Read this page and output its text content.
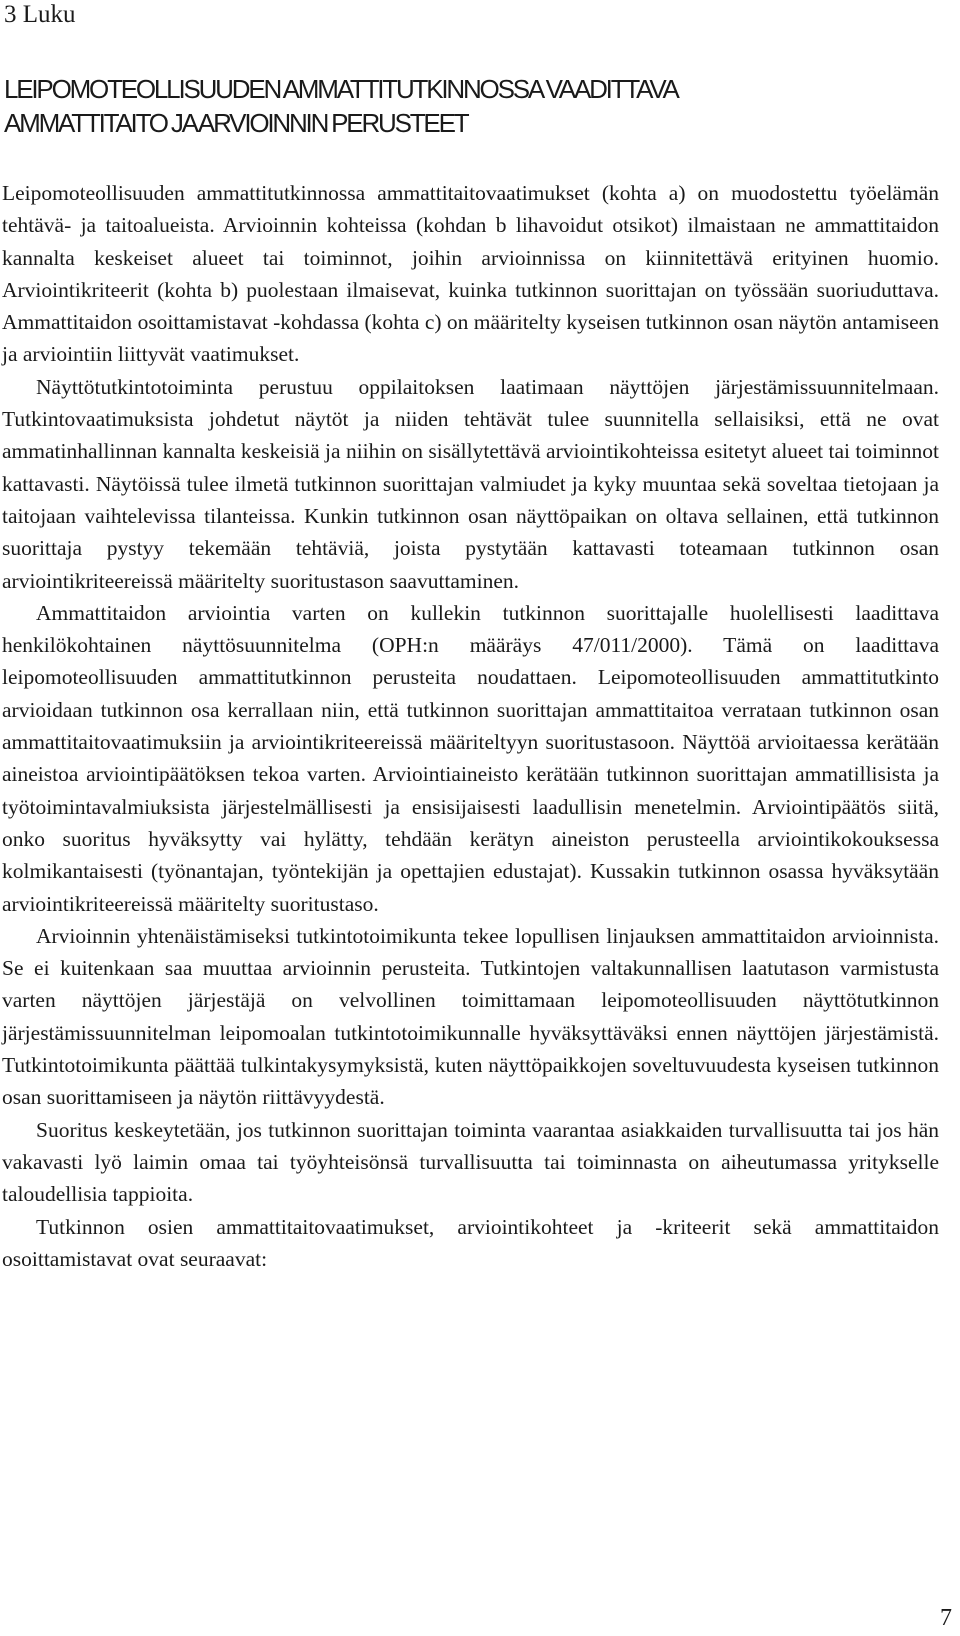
3 Luku
LEIPOMOTEOLLISUUDEN AMMATTITUTKINNOSSA VAADITTAVA
AMMATTITAITO JA ARVIOINNIN PERUSTEET

Leipomoteollisuuden ammattitutkinnossa ammattitaitovaatimukset (kohta a) on muodostettu työelämän tehtävä- ja taitoalueista. Arvioinnin kohteissa (kohdan b lihavoidut otsikot) ilmaistaan ne ammattitaidon kannalta keskeiset alueet tai toiminnot, joihin arvioinnissa on kiinnitettävä erityinen huomio. Arviointikriteerit (kohta b) puolestaan ilmaisevat, kuinka tutkinnon suorittajan on työssään suoriuduttava. Ammattitaidon osoittamistavat -kohdassa (kohta c) on määritelty kyseisen tutkinnon osan näytön antamiseen ja arviointiin liittyvät vaatimukset.

Näyttötutkintotoiminta perustuu oppilaitoksen laatimaan näyttöjen järjestämissuunnitelmaan. Tutkintovaatimuksista johdetut näytöt ja niiden tehtävät tulee suunnitella sellaisiksi, että ne ovat ammatinhallinnan kannalta keskeisiä ja niihin on sisällytettävä arviointikohteissa esitetyt alueet tai toiminnot kattavasti. Näytöissä tulee ilmetä tutkinnon suorittajan valmiudet ja kyky muuntaa sekä soveltaa tietojaan ja taitojaan vaihtelevissa tilanteissa. Kunkin tutkinnon osan näyttöpaikan on oltava sellainen, että tutkinnon suorittaja pystyy tekemään tehtäviä, joista pystytään kattavasti toteamaan tutkinnon osan arviointikriteereissä määritelty suoritustason saavuttaminen.

Ammattitaidon arviointia varten on kullekin tutkinnon suorittajalle huolellisesti laadittava henkilökohtainen näyttösuunnitelma (OPH:n määräys 47/011/2000). Tämä on laadittava leipomoteollisuuden ammattitutkinnon perusteita noudattaen. Leipomoteollisuuden ammattitutkinto arvioidaan tutkinnon osa kerrallaan niin, että tutkinnon suorittajan ammattitaitoa verrataan tutkinnon osan ammattitaitovaatimuksiin ja arviointikriteereissä määriteltyyn suoritustasoon. Näyttöä arvioitaessa kerätään aineistoa arviointipäätöksen tekoa varten. Arviointiaineisto kerätään tutkinnon suorittajan ammatillisista ja työtoimintavalmiuksista järjestelmällisesti ja ensisijaisesti laadullisin menetelmin. Arviointipäätös siitä, onko suoritus hyväksytty vai hylätty, tehdään kerätyn aineiston perusteella arviointikokouksessa kolmikantaisesti (työnantajan, työntekijän ja opettajien edustajat). Kussakin tutkinnon osassa hyväksytään arviointikriteereissä määritelty suoritustaso.

Arvioinnin yhtenäistämiseksi tutkintotoimikunta tekee lopullisen linjauksen ammattitaidon arvioinnista. Se ei kuitenkaan saa muuttaa arvioinnin perusteita. Tutkintojen valtakunnallisen laatutason varmistusta varten näyttöjen järjestäjä on velvollinen toimittamaan leipomoteollisuuden näyttötutkinnon järjestämissuunnitelman leipomoalan tutkintotoimikunnalle hyväksyttäväksi ennen näyttöjen järjestämistä. Tutkintotoimikunta päättää tulkintakysymyksistä, kuten näyttöpaikkojen soveltuvuudesta kyseisen tutkinnon osan suorittamiseen ja näytön riittävyydestä.

Suoritus keskeytetään, jos tutkinnon suorittajan toiminta vaarantaa asiakkaiden turvallisuutta tai jos hän vakavasti lyö laimin omaa tai työyhteisönsä turvallisuutta tai toiminnasta on aiheutumassa yritykselle taloudellisia tappioita.

Tutkinnon osien ammattitaitovaatimukset, arviointikohteet ja -kriteerit sekä ammattitaidon osoittamistavat ovat seuraavat:

7
